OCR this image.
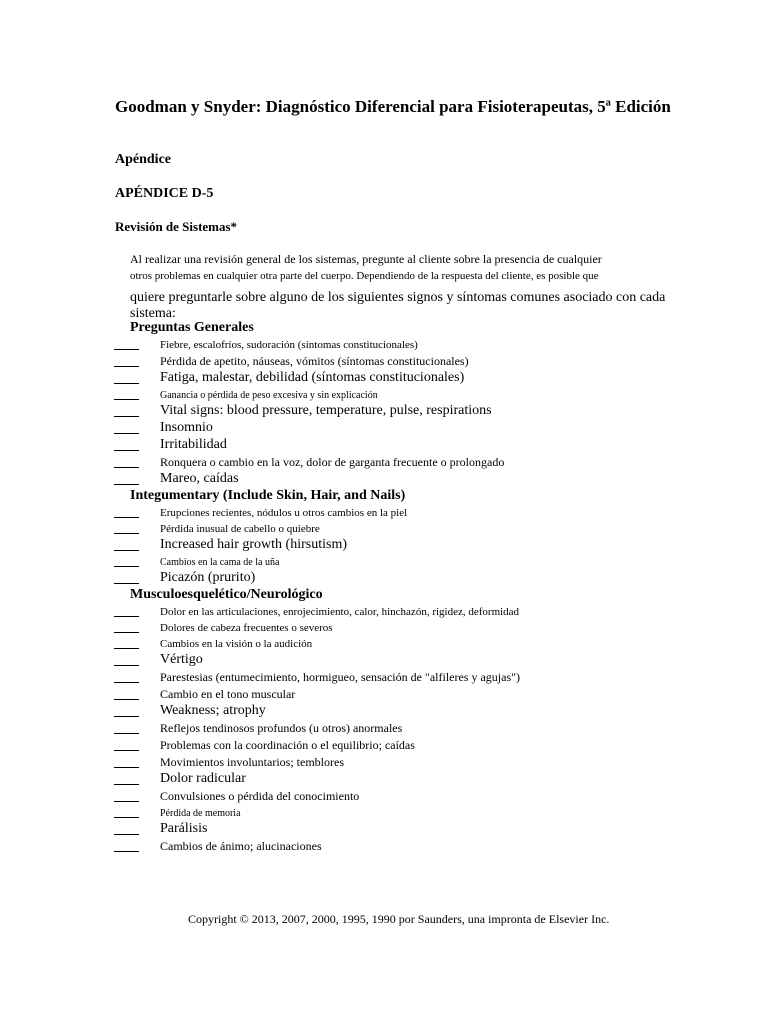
Goodman y Snyder: Diagnóstico Diferencial para Fisioterapeutas, 5ª Edición
Apéndice
APÉNDICE D-5
Revisión de Sistemas*

Al realizar una revisión general de los sistemas, pregunte al cliente sobre la presencia de cualquier
otros problemas en cualquier otra parte del cuerpo. Dependiendo de la respuesta del cliente, es posible que
quiere preguntarle sobre alguno de los siguientes signos y síntomas comunes asociado con cada sistema:

Preguntas Generales
Fiebre, escalofríos, sudoración (síntomas constitucionales)
Pérdida de apetito, náuseas, vómitos (síntomas constitucionales)
Fatiga, malestar, debilidad (síntomas constitucionales)
Ganancia o pérdida de peso excesiva y sin explicación
Vital signs: blood pressure, temperature, pulse, respirations
Insomnio
Irritabilidad
Ronquera o cambio en la voz, dolor de garganta frecuente o prolongado
Mareo, caídas
Integumentary (Include Skin, Hair, and Nails)
Erupciones recientes, nódulos u otros cambios en la piel
Pérdida inusual de cabello o quiebre
Increased hair growth (hirsutism)
Cambios en la cama de la uña
Picazón (prurito)
Musculoesquelético/Neurológico
Dolor en las articulaciones, enrojecimiento, calor, hinchazón, rigidez, deformidad
Dolores de cabeza frecuentes o severos
Cambios en la visión o la audición
Vértigo
Parestesias (entumecimiento, hormigueo, sensación de "alfileres y agujas")
Cambio en el tono muscular
Weakness; atrophy
Reflejos tendinosos profundos (u otros) anormales
Problemas con la coordinación o el equilibrio; caídas
Movimientos involuntarios; temblores
Dolor radicular
Convulsiones o pérdida del conocimiento
Pérdida de memoria
Parálisis
Cambios de ánimo; alucinaciones

Copyright © 2013, 2007, 2000, 1995, 1990 por Saunders, una impronta de Elsevier Inc.
